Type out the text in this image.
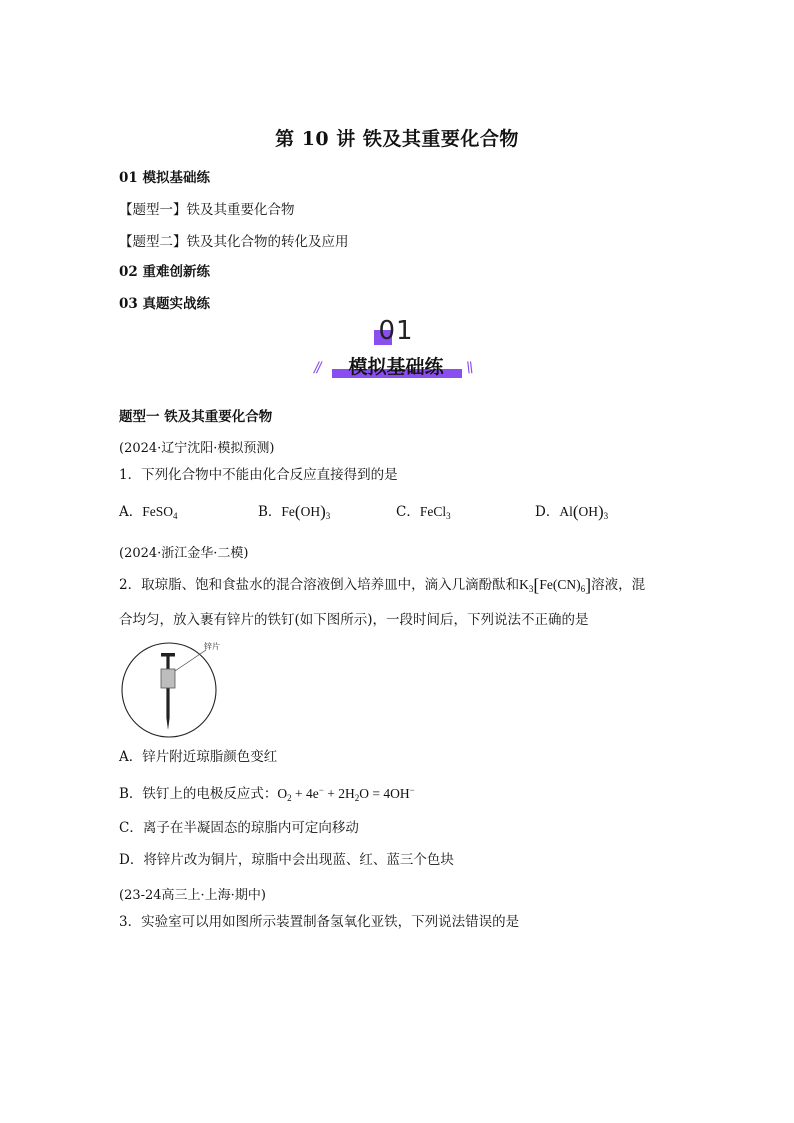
第 10 讲 铁及其重要化合物
01 模拟基础练
【题型一】铁及其重要化合物
【题型二】铁及其化合物的转化及应用
02 重难创新练
03 真题实战练
01
模拟基础练
//	\\
题型一 铁及其重要化合物
(2024·辽宁沈阳·模拟预测)
1．下列化合物中不能由化合反应直接得到的是
A．FeSO$_4$	B．$Fe(OH)_3$	C．FeCl$_3$	D．$Al(OH)_3$
(2024·浙江金华·二模)
2．取琼脂、饱和食盐水的混合溶液倒入培养皿中，滴入几滴酚酞和$K_3[Fe(CN)_6]$溶液，混
合均匀，放入裹有锌片的铁钉(如下图所示)，一段时间后，下列说法不正确的是
锌片
A．锌片附近琼脂颜色变红
B．铁钉上的电极反应式：$O_2 + 4e^- + 2H_2O = 4OH^-$
C．离子在半凝固态的琼脂内可定向移动
D．将锌片改为铜片，琼脂中会出现蓝、红、蓝三个色块
(23-24高三上·上海·期中)
3．实验室可以用如图所示装置制备氢氧化亚铁，下列说法错误的是
